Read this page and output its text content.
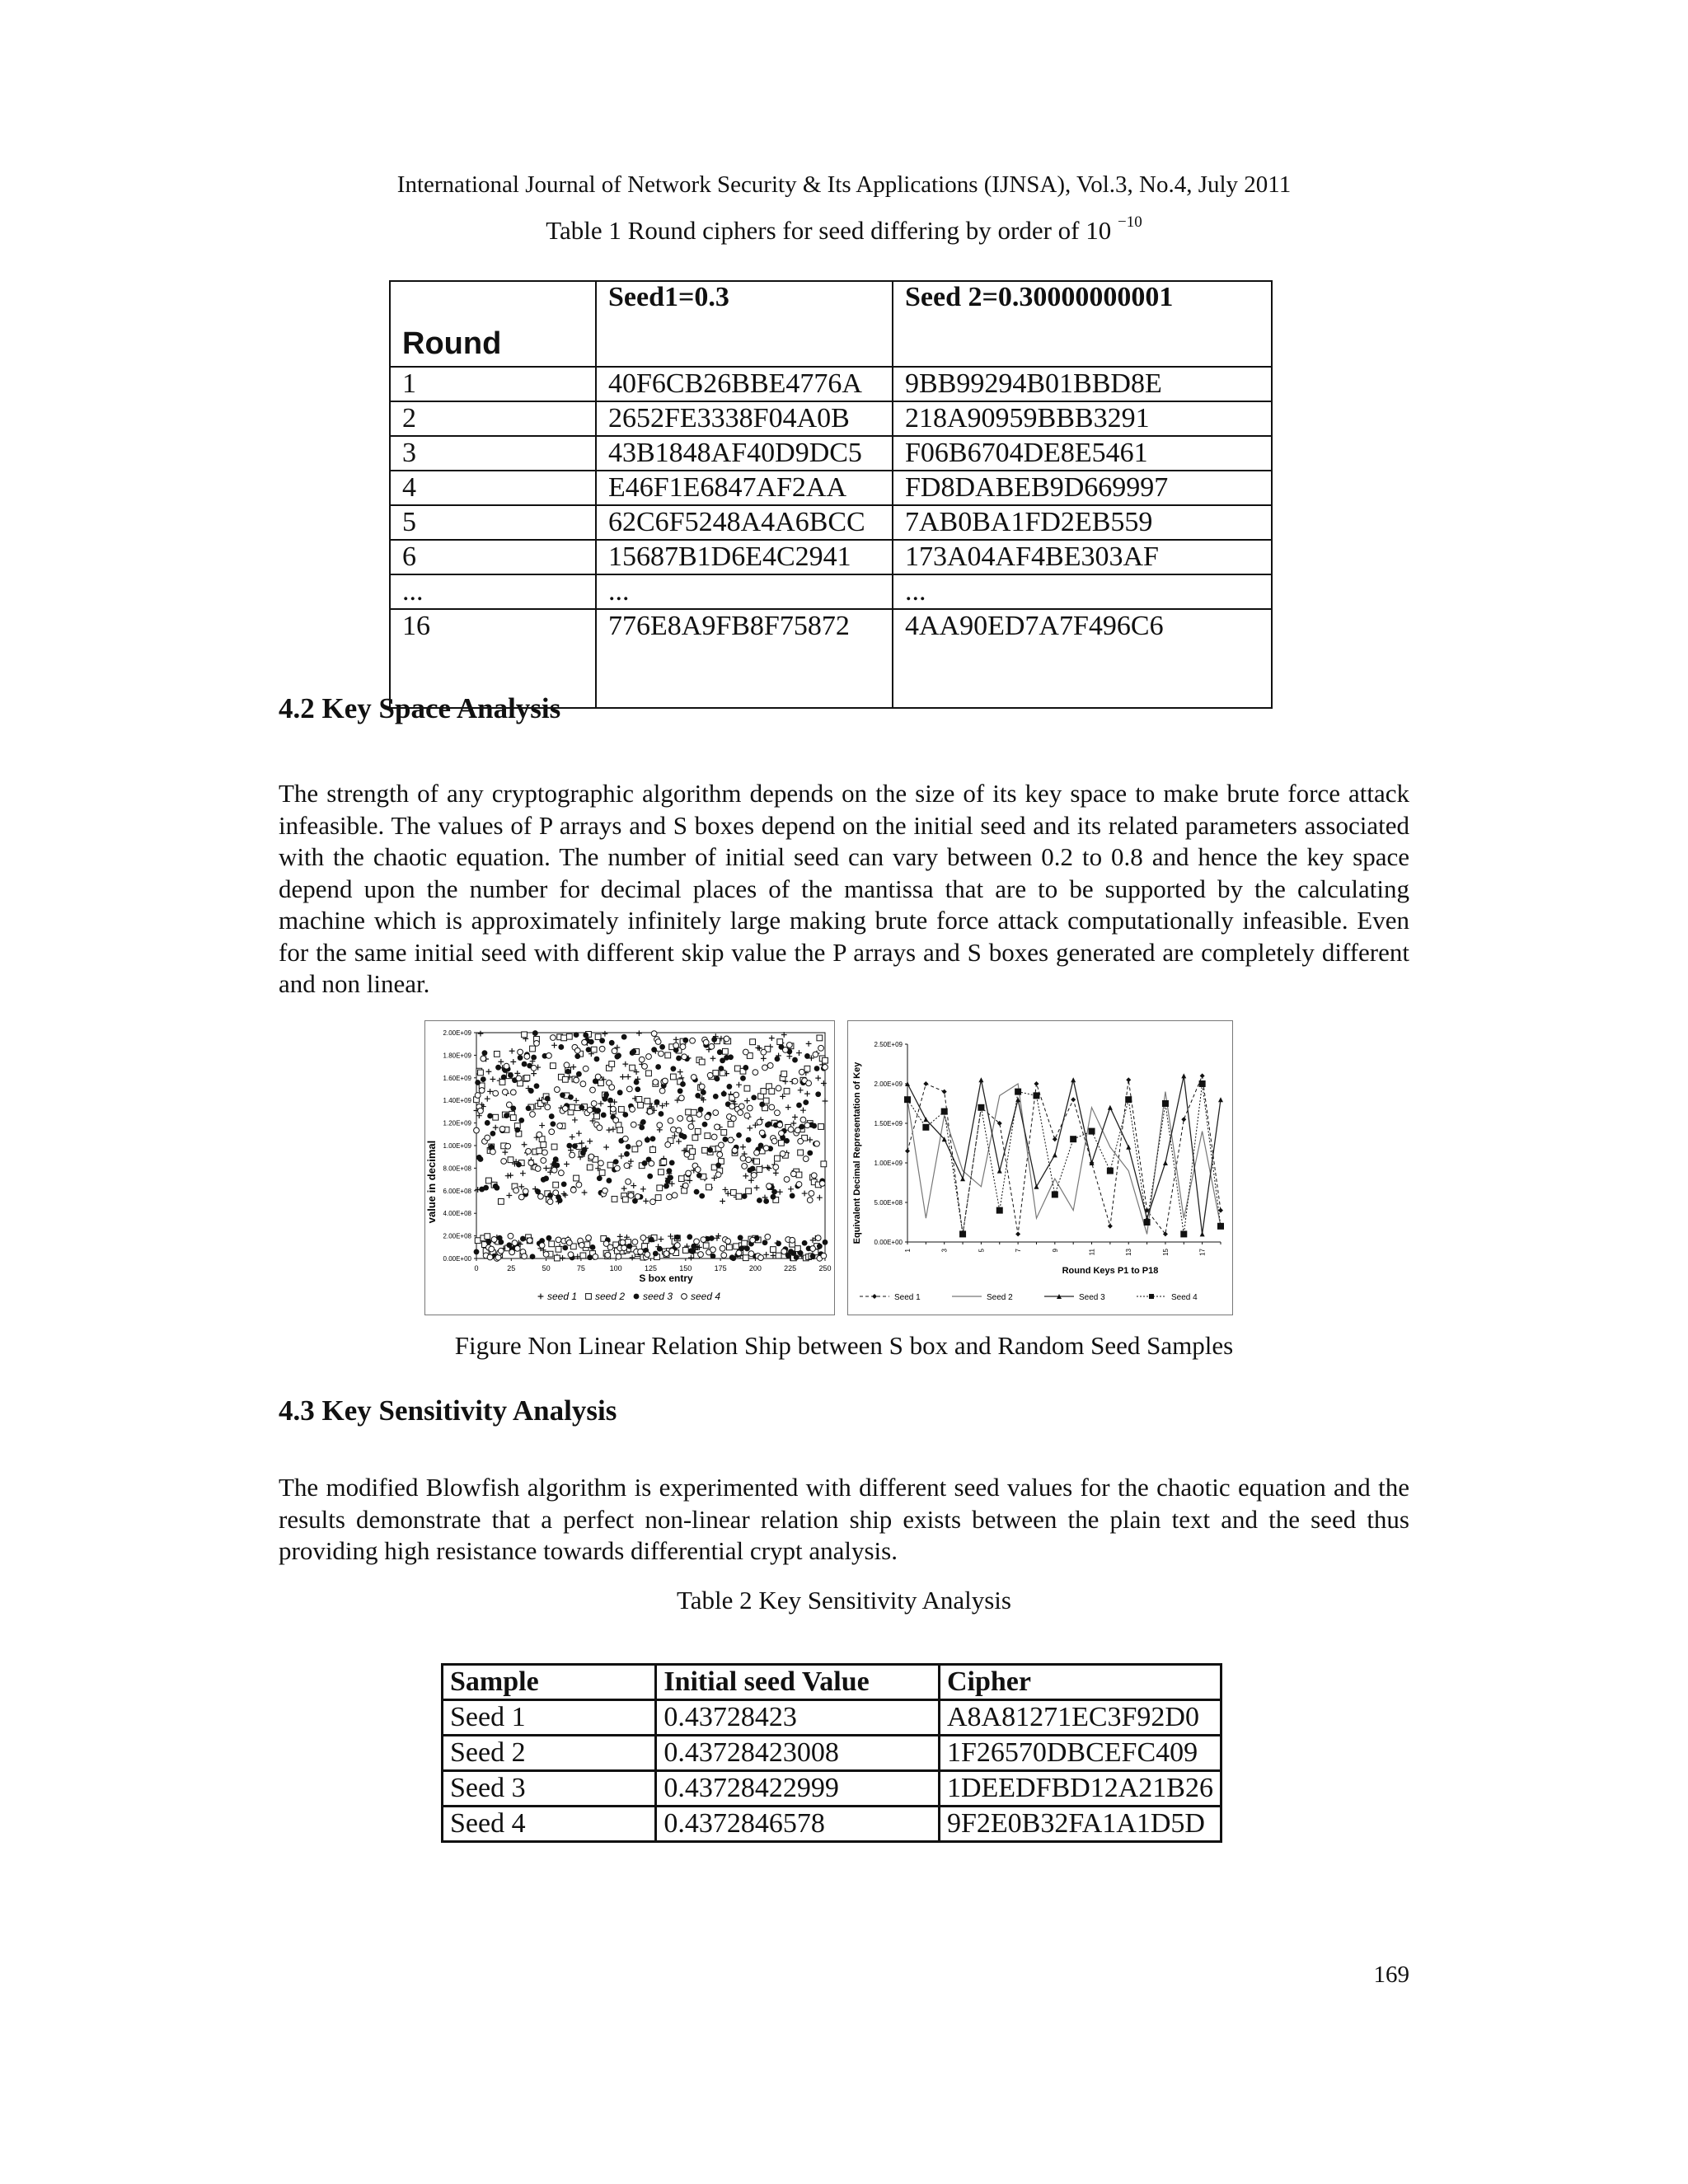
International Journal of Network Security & Its Applications (IJNSA), Vol.3, No.4, July 2011
Table 1 Round ciphers for seed differing by order of 10 $^{-10}$
Round	Seed1=0.3	Seed 2=0.30000000001
1	40F6CB26BBE4776A	9BB99294B01BBD8E
2	2652FE3338F04A0B	218A90959BBB3291
3	43B1848AF40D9DC5	F06B6704DE8E5461
4	E46F1E6847AF2AA	FD8DABEB9D669997
5	62C6F5248A4A6BCC	7AB0BA1FD2EB559
6	15687B1D6E4C2941	173A04AF4BE303AF
...	...	...
16	776E8A9FB8F75872	4AA90ED7A7F496C6
4.2 Key Space Analysis
The strength of any cryptographic algorithm depends on the size of its key space to make brute force attack infeasible. The values of P arrays and S boxes depend on the initial seed and its related parameters associated with the chaotic equation. The number of initial seed can vary between 0.2 to 0.8 and hence the key space depend upon the number for decimal places of the mantissa that are to be supported by the calculating machine which is approximately infinitely large making brute force attack computationally infeasible. Even for the same initial seed with different skip value the P arrays and S boxes generated are completely different and non linear.
0.00E+00
2.00E+08
4.00E+08
6.00E+08
8.00E+08
1.00E+09
1.20E+09
1.40E+09
1.60E+09
1.80E+09
2.00E+09
0	25	50	75	100	125	150	175	200	225	250
S box entry
value in decimal
seed 1 seed 2 seed 3 seed 4
0.00E+00
5.00E+08
1.00E+09
1.50E+09
2.00E+09
2.50E+09
1	3	5	7	9	11	13	15	17
Round Keys P1 to P18
Equivalent Decimal Representation of Key
Seed 1	Seed 2	Seed 3	Seed 4
Figure Non Linear Relation Ship between S box and Random Seed Samples
4.3 Key Sensitivity Analysis
The modified Blowfish algorithm is experimented with different seed values for the chaotic equation and the results demonstrate that a perfect non-linear relation ship exists between the plain text and the seed thus providing high resistance towards differential crypt analysis.
Table 2 Key Sensitivity Analysis
Sample	Initial seed Value	Cipher
Seed 1	0.43728423	A8A81271EC3F92D0
Seed 2	0.43728423008	1F26570DBCEFC409
Seed 3	0.43728422999	1DEEDFBD12A21B26
Seed 4	0.4372846578	9F2E0B32FA1A1D5D
169
